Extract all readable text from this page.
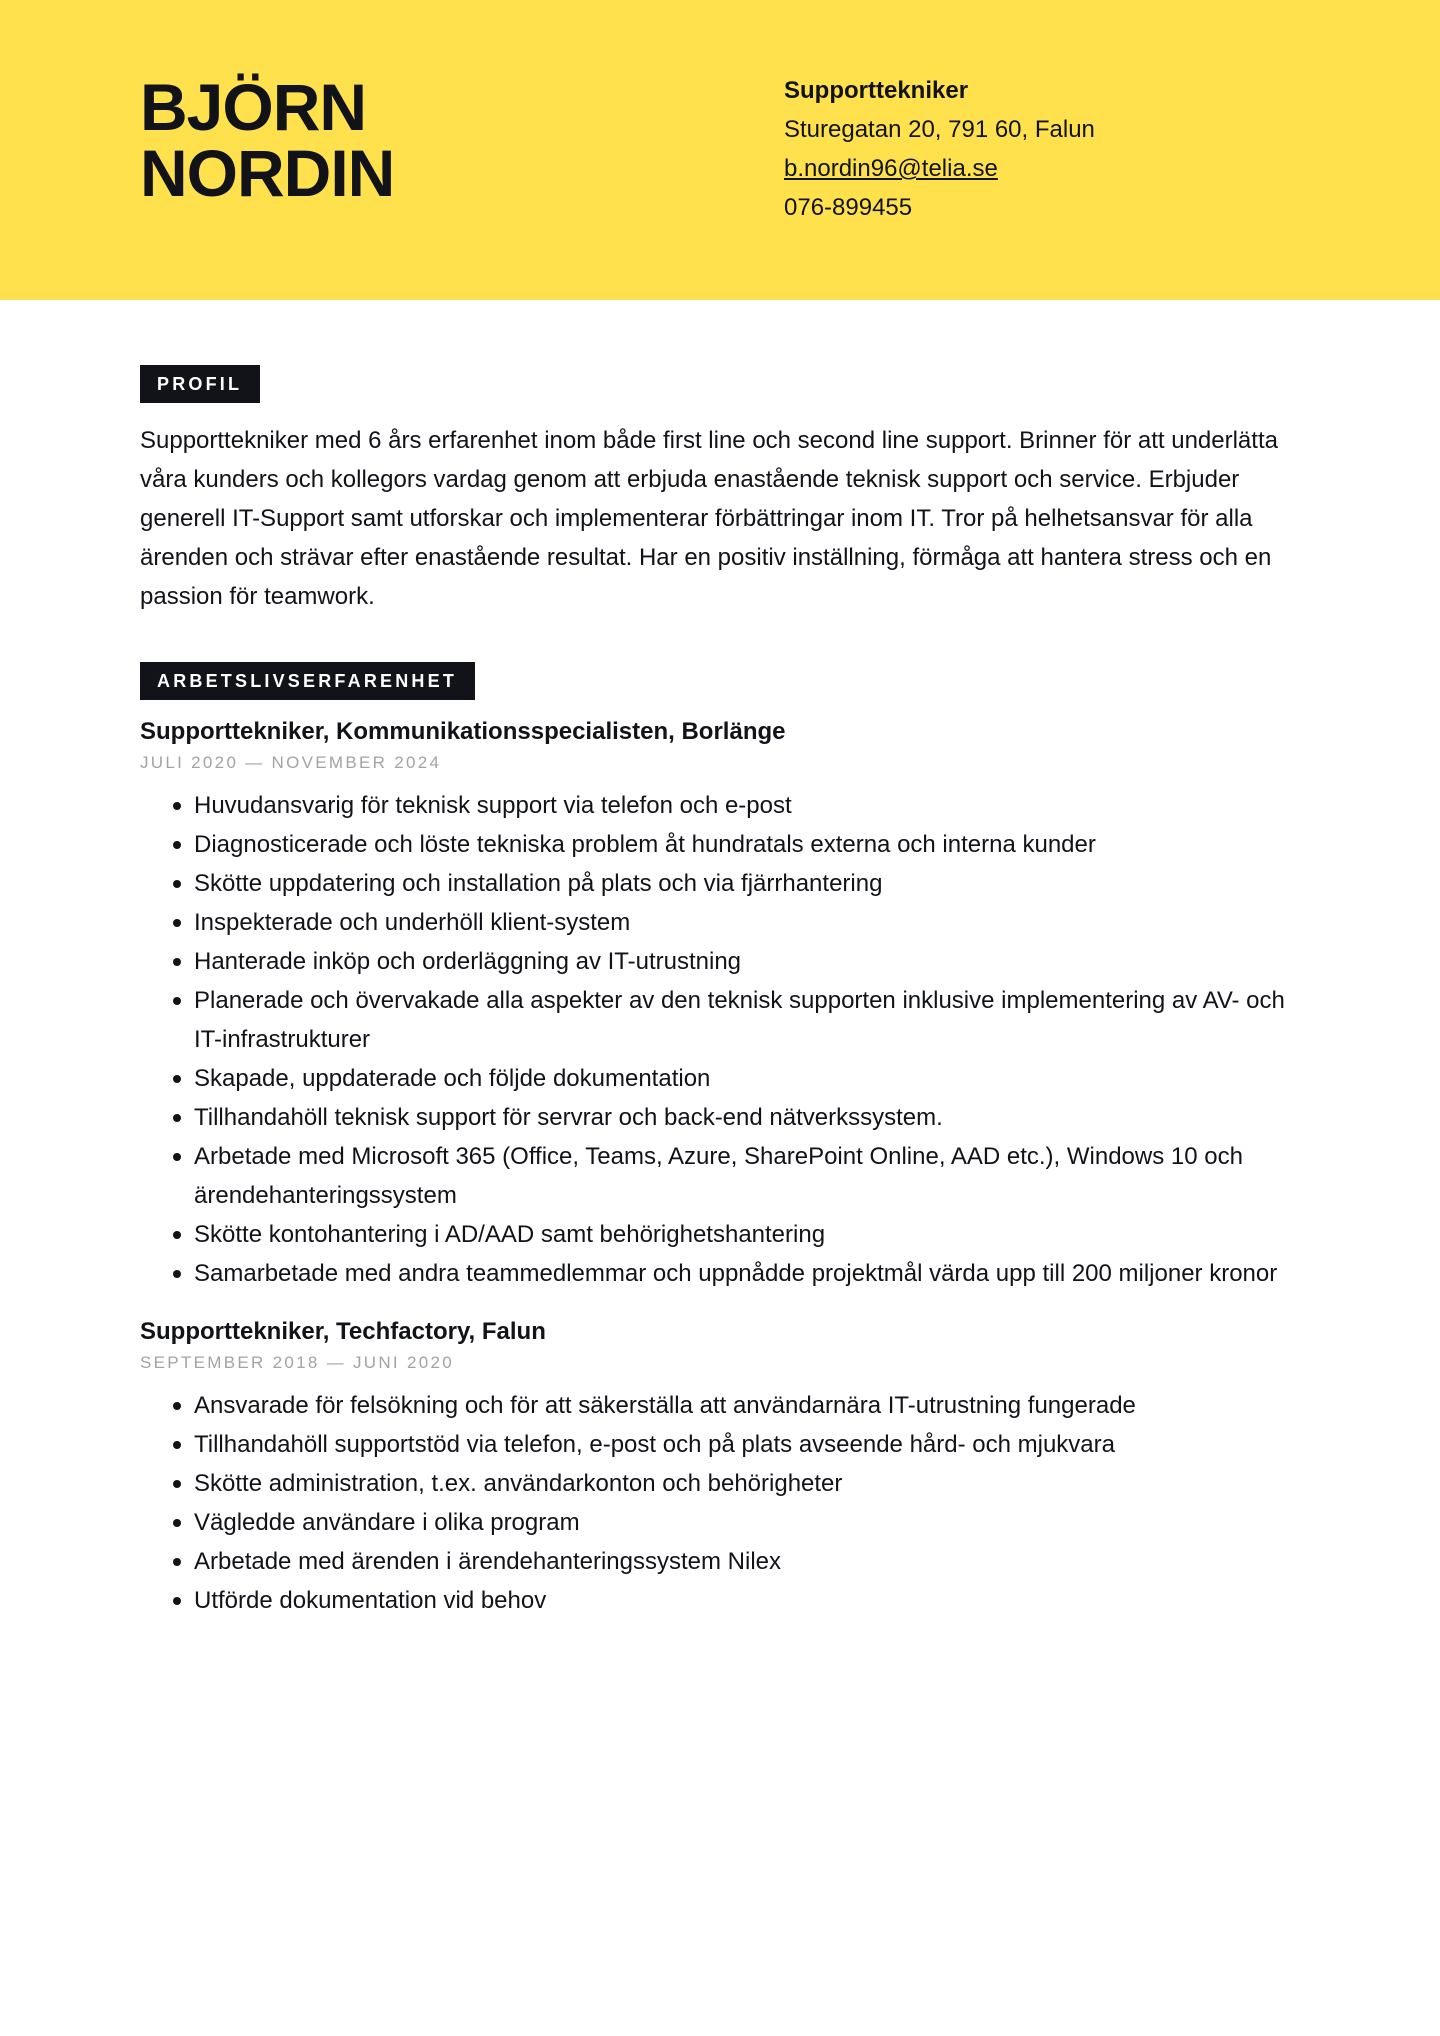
BJÖRN
NORDIN
Supporttekniker
Sturegatan 20, 791 60, Falun
b.nordin96@telia.se
076-899455
PROFIL

Supporttekniker med 6 års erfarenhet inom både first line och second line support. Brinner för att underlätta våra kunders och kollegors vardag genom att erbjuda enastående teknisk support och service. Erbjuder generell IT-Support samt utforskar och implementerar förbättringar inom IT. Tror på helhetsansvar för alla ärenden och strävar efter enastående resultat. Har en positiv inställning, förmåga att hantera stress och en passion för teamwork.

ARBETSLIVSERFARENHET
Supporttekniker, Kommunikationsspecialisten, Borlänge
JULI 2020 — NOVEMBER 2024
Huvudansvarig för teknisk support via telefon och e-post
Diagnosticerade och löste tekniska problem åt hundratals externa och interna kunder
Skötte uppdatering och installation på plats och via fjärrhantering
Inspekterade och underhöll klient-system
Hanterade inköp och orderläggning av IT-utrustning
Planerade och övervakade alla aspekter av den teknisk supporten inklusive implementering av AV- och IT-infrastrukturer
Skapade, uppdaterade och följde dokumentation
Tillhandahöll teknisk support för servrar och back-end nätverkssystem.
Arbetade med Microsoft 365 (Office, Teams, Azure, SharePoint Online, AAD etc.), Windows 10 och ärendehanteringssystem
Skötte kontohantering i AD/AAD samt behörighetshantering
Samarbetade med andra teammedlemmar och uppnådde projektmål värda upp till 200 miljoner kronor
Supporttekniker, Techfactory, Falun
SEPTEMBER 2018 — JUNI 2020
Ansvarade för felsökning och för att säkerställa att användarnära IT-utrustning fungerade
Tillhandahöll supportstöd via telefon, e-post och på plats avseende hård- och mjukvara
Skötte administration, t.ex. användarkonton och behörigheter
Vägledde användare i olika program
Arbetade med ärenden i ärendehanteringssystem Nilex
Utförde dokumentation vid behov
